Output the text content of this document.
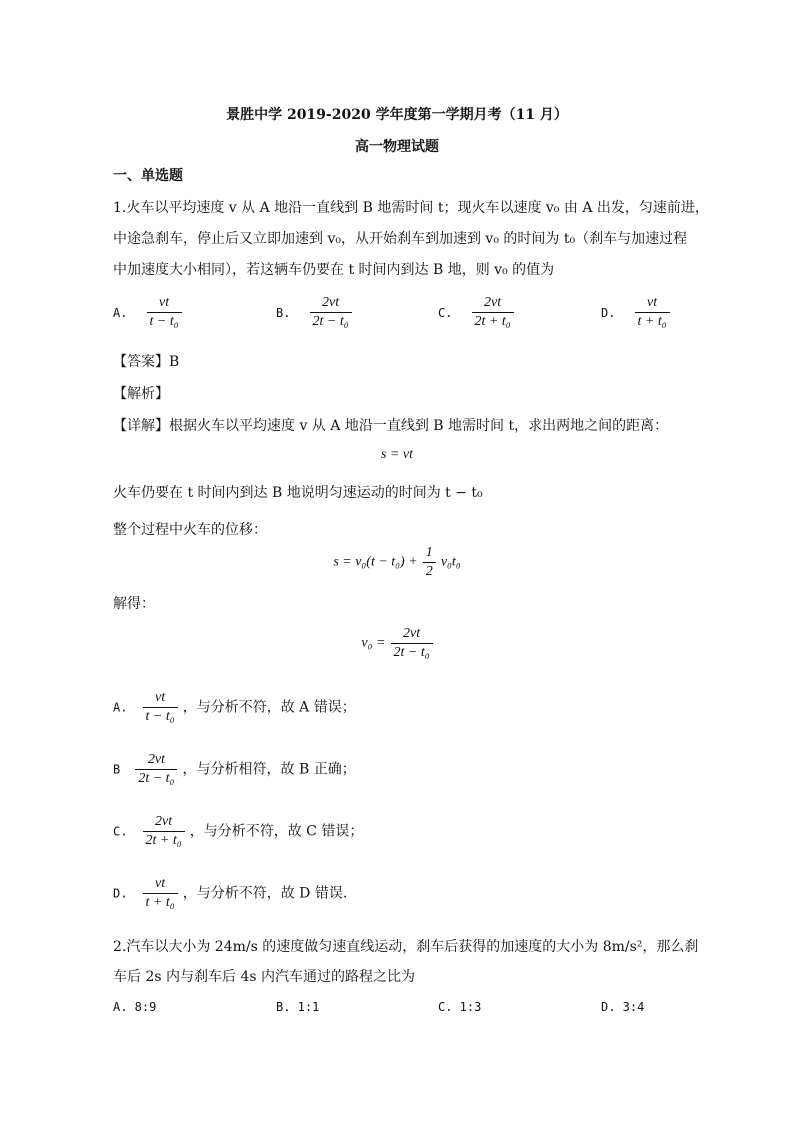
景胜中学 2019-2020 学年度第一学期月考（11 月）
高一物理试题
一、单选题
1.火车以平均速度 v 从 A 地沿一直线到 B 地需时间 t；现火车以速度 v₀ 由 A 出发，匀速前进，
中途急刹车，停止后又立即加速到 v₀，从开始刹车到加速到 v₀ 的时间为 t₀（刹车与加速过程
中加速度大小相同），若这辆车仍要在 t 时间内到达 B 地，则 v₀ 的值为
A. $\frac{vt}{\text{t − t₀}}$	B. $\frac{2vt}{\text{2t − t₀}}$	C. $\frac{2vt}{\text{2t + t₀}}$	D. $\frac{vt}{\text{t + t₀}}$
【答案】B
【解析】
【详解】根据火车以平均速度 v 从 A 地沿一直线到 B 地需时间 t，求出两地之间的距离：
s = vt
火车仍要在 t 时间内到达 B 地说明匀速运动的时间为 t − t₀
整个过程中火车的位移：
$s = v_0(t - t_0) + \frac{1}{2} v_0t_0$
解得：
$v_0 = \frac{2vt}{\text{2t − t₀}}$
A. $\frac{vt}{\text{t − t₀}}$ ，与分析不符，故 A 错误；
B $\frac{2vt}{\text{2t − t₀}}$ ，与分析相符，故 B 正确；
C. $\frac{2vt}{\text{2t + t₀}}$ ，与分析不符，故 C 错误；
D. $\frac{vt}{\text{t + t₀}}$ ，与分析不符，故 D 错误.
2.汽车以大小为 24m/s 的速度做匀速直线运动，刹车后获得的加速度的大小为 8m/s²，那么刹
车后 2s 内与刹车后 4s 内汽车通过的路程之比为
A. 8:9	B. 1:1	C. 1:3	D. 3:4
